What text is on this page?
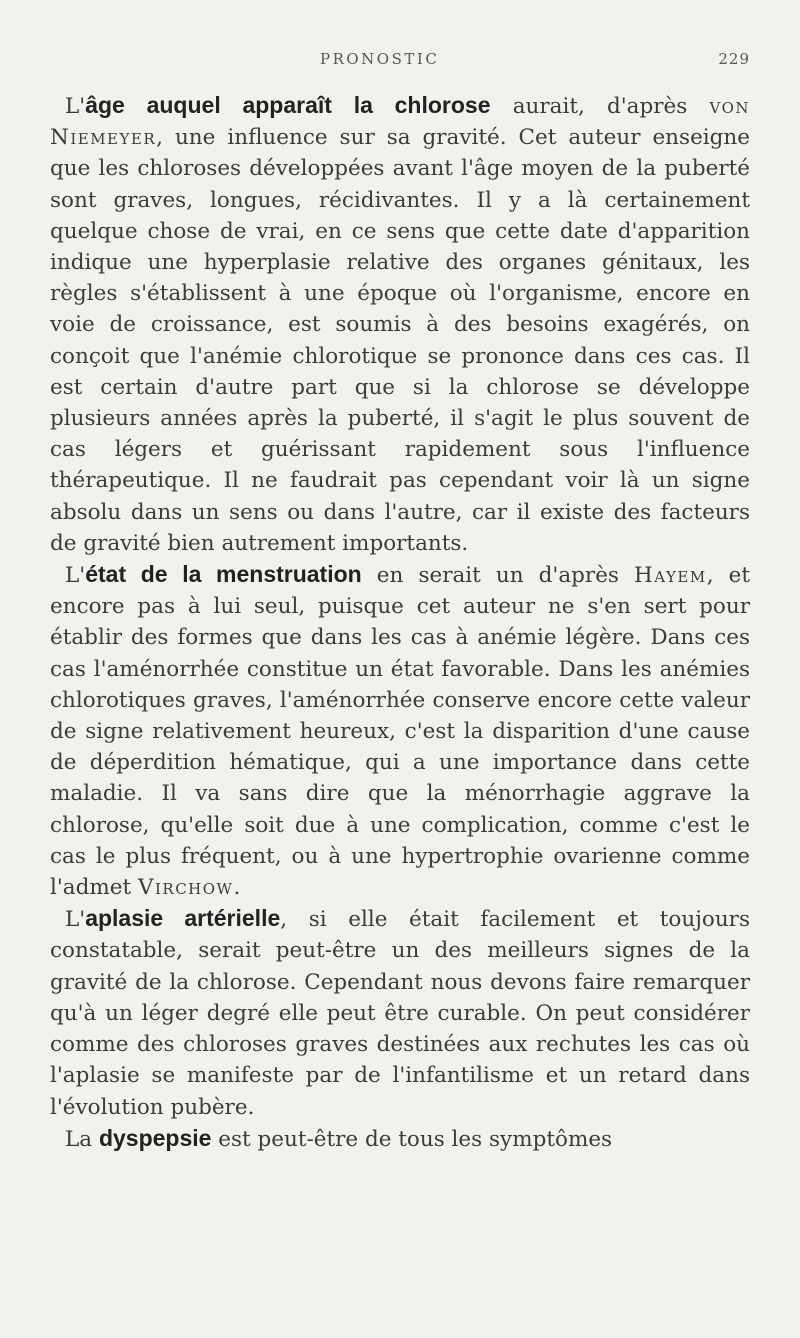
PRONOSTIC	229

L'âge auquel apparaît la chlorose aurait, d'après von Niemeyer, une influence sur sa gravité. Cet auteur enseigne que les chloroses développées avant l'âge moyen de la puberté sont graves, longues, récidivantes. Il y a là certainement quelque chose de vrai, en ce sens que cette date d'apparition indique une hyperplasie relative des organes génitaux, les règles s'établissent à une époque où l'organisme, encore en voie de croissance, est soumis à des besoins exagérés, on conçoit que l'anémie chlorotique se prononce dans ces cas. Il est certain d'autre part que si la chlorose se développe plusieurs années après la puberté, il s'agit le plus souvent de cas légers et guérissant rapidement sous l'influence thérapeutique. Il ne faudrait pas cependant voir là un signe absolu dans un sens ou dans l'autre, car il existe des facteurs de gravité bien autrement importants.

L'état de la menstruation en serait un d'après Hayem, et encore pas à lui seul, puisque cet auteur ne s'en sert pour établir des formes que dans les cas à anémie légère. Dans ces cas l'aménorrhée constitue un état favorable. Dans les anémies chlorotiques graves, l'aménorrhée conserve encore cette valeur de signe relativement heureux, c'est la disparition d'une cause de déperdition hématique, qui a une importance dans cette maladie. Il va sans dire que la ménorrhagie aggrave la chlorose, qu'elle soit due à une complication, comme c'est le cas le plus fréquent, ou à une hypertrophie ovarienne comme l'admet Virchow.

L'aplasie artérielle, si elle était facilement et toujours constatable, serait peut-être un des meilleurs signes de la gravité de la chlorose. Cependant nous devons faire remarquer qu'à un léger degré elle peut être curable. On peut considérer comme des chloroses graves destinées aux rechutes les cas où l'aplasie se manifeste par de l'infantilisme et un retard dans l'évolution pubère.

La dyspepsie est peut-être de tous les symptômes
